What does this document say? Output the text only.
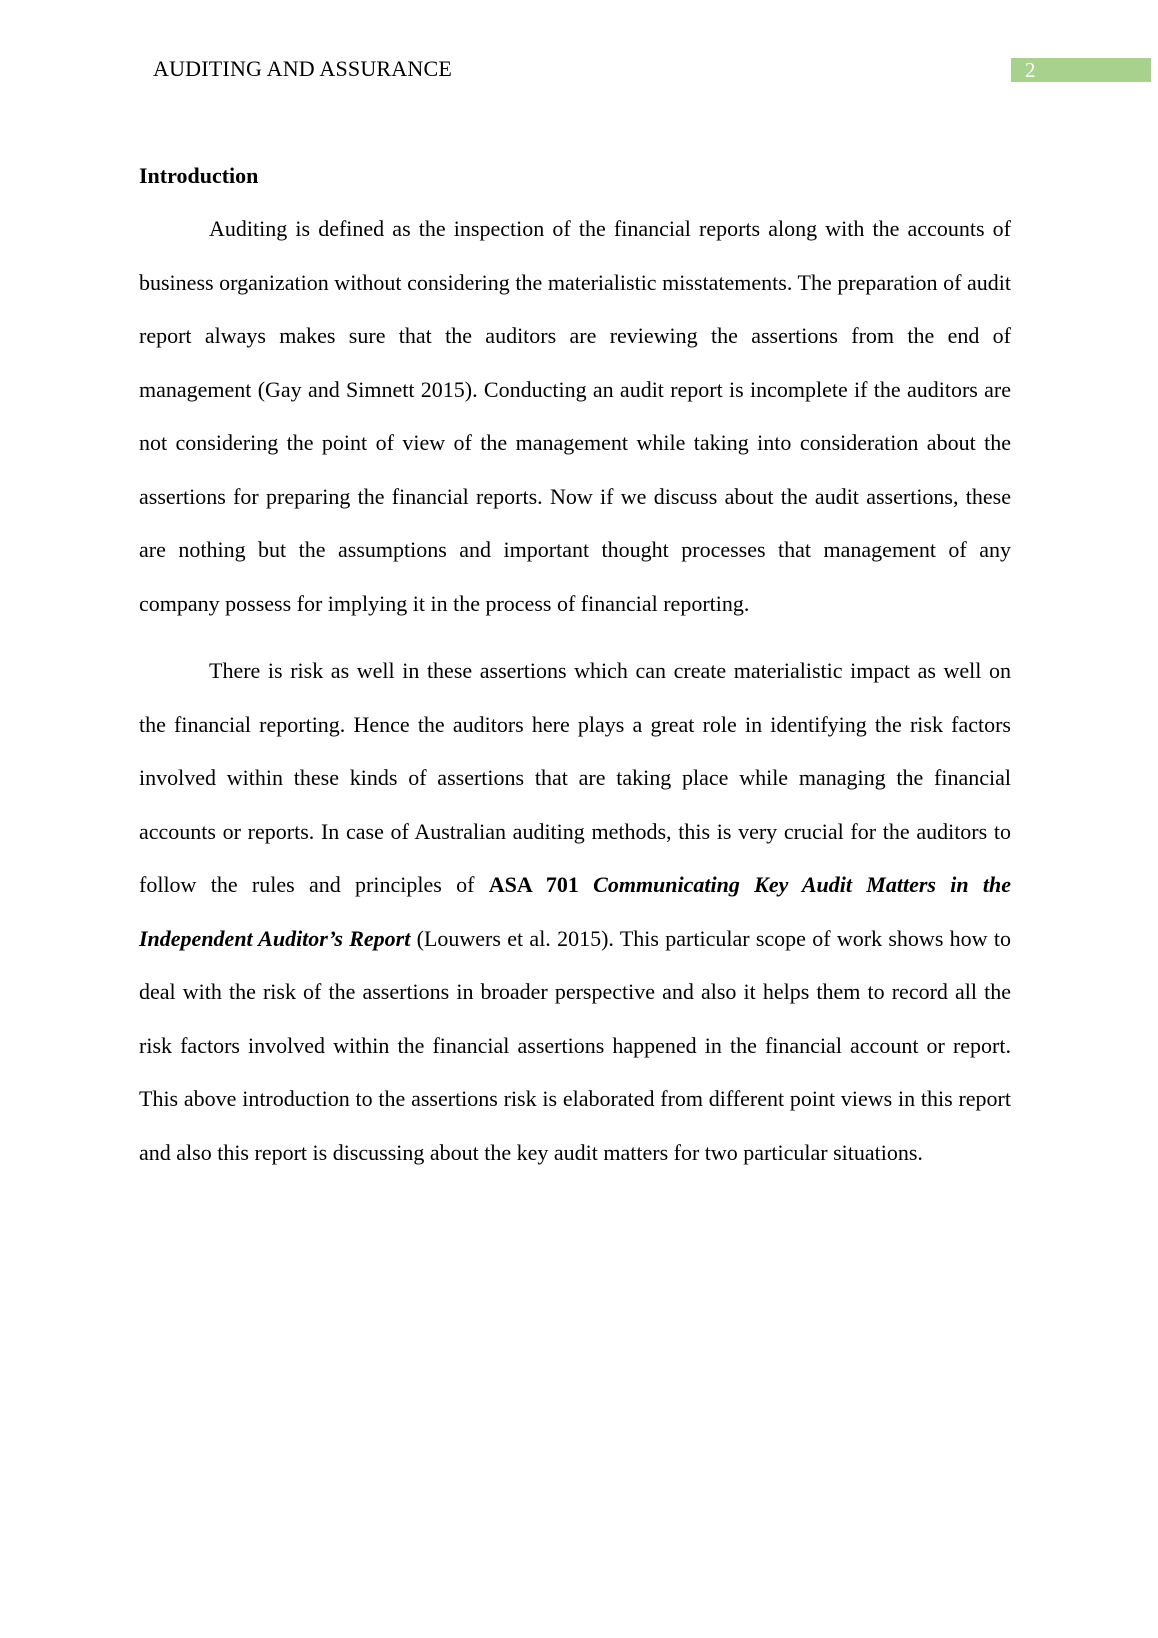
AUDITING AND ASSURANCE	2
Introduction

Auditing is defined as the inspection of the financial reports along with the accounts of business organization without considering the materialistic misstatements. The preparation of audit report always makes sure that the auditors are reviewing the assertions from the end of management (Gay and Simnett 2015). Conducting an audit report is incomplete if the auditors are not considering the point of view of the management while taking into consideration about the assertions for preparing the financial reports. Now if we discuss about the audit assertions, these are nothing but the assumptions and important thought processes that management of any company possess for implying it in the process of financial reporting.

There is risk as well in these assertions which can create materialistic impact as well on the financial reporting. Hence the auditors here plays a great role in identifying the risk factors involved within these kinds of assertions that are taking place while managing the financial accounts or reports. In case of Australian auditing methods, this is very crucial for the auditors to follow the rules and principles of ASA 701 Communicating Key Audit Matters in the Independent Auditor’s Report (Louwers et al. 2015). This particular scope of work shows how to deal with the risk of the assertions in broader perspective and also it helps them to record all the risk factors involved within the financial assertions happened in the financial account or report. This above introduction to the assertions risk is elaborated from different point views in this report and also this report is discussing about the key audit matters for two particular situations.
